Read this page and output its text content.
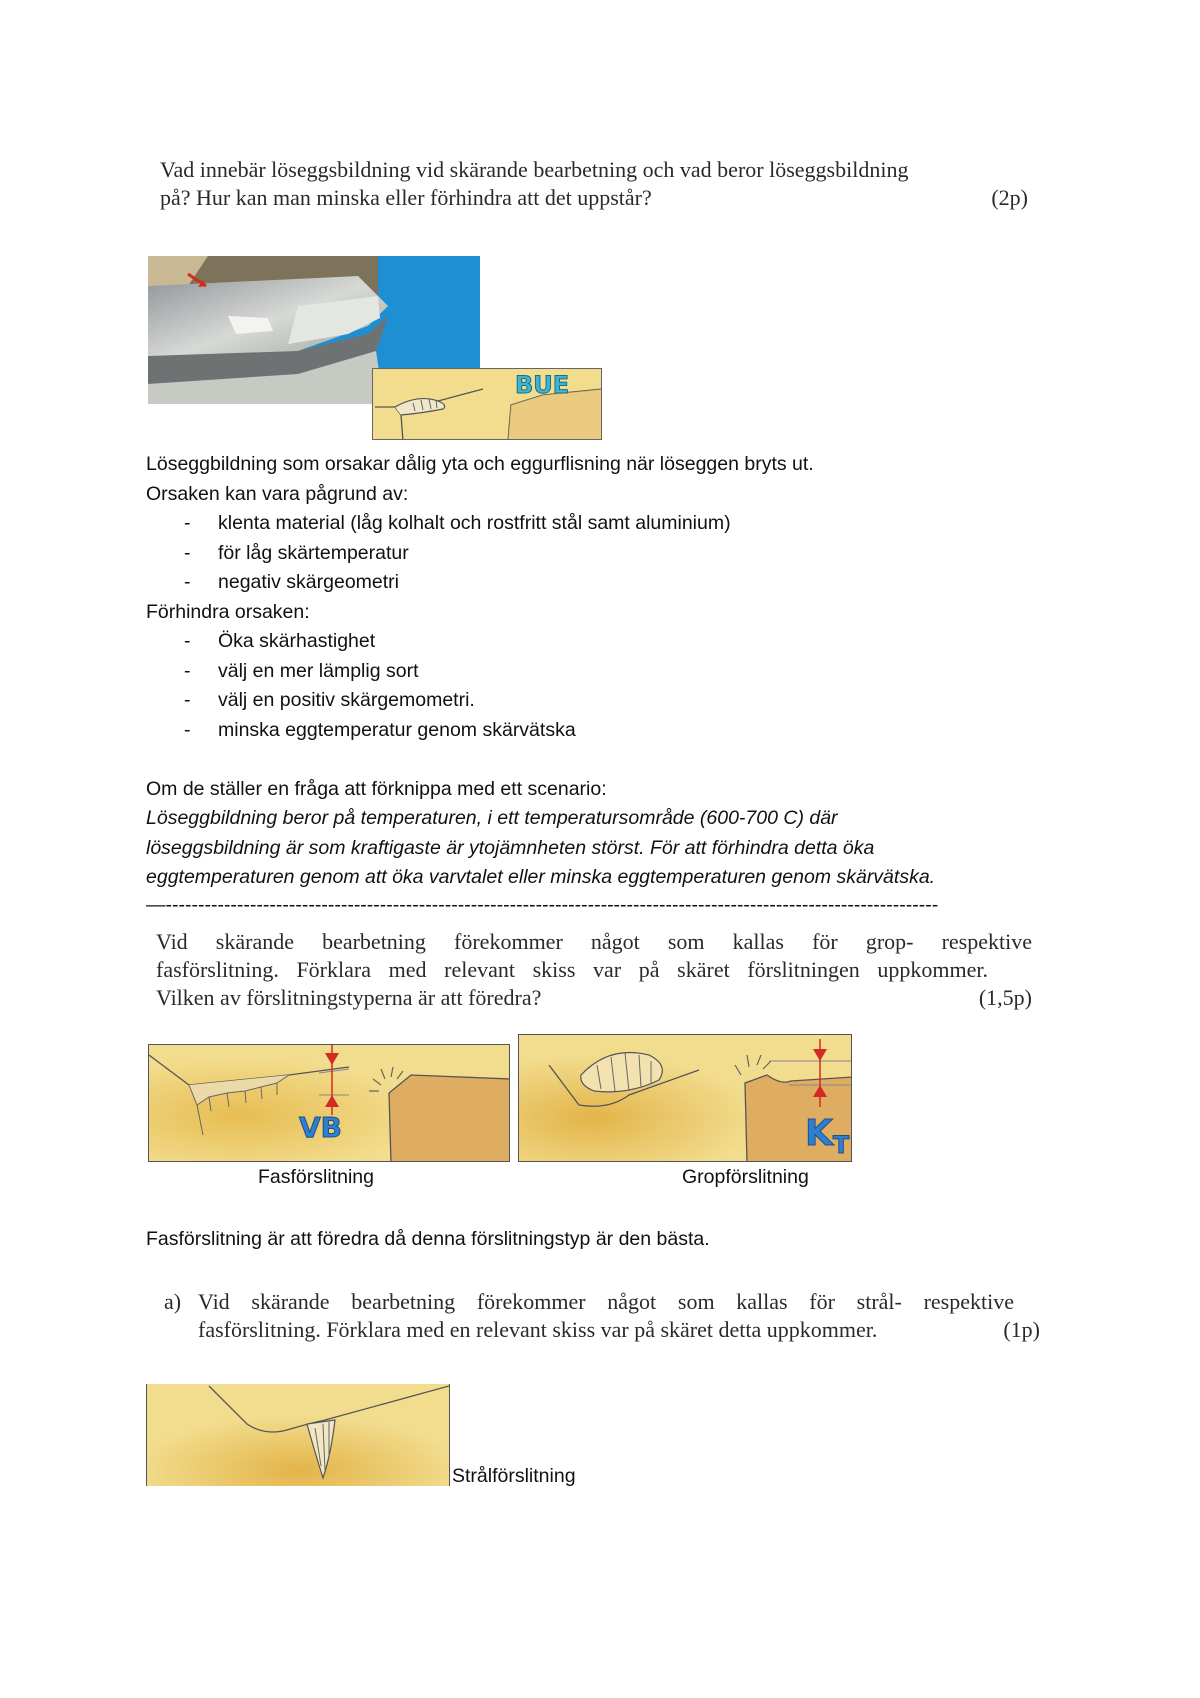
Vad innebär löseggsbildning vid skärande bearbetning och vad beror löseggsbildning
på? Hur kan man minska eller förhindra att det uppstår?	(2p)
BUE
Löseggbildning som orsakar dålig yta och eggurflisning när löseggen bryts ut.
Orsaken kan vara pågrund av:
- klenta material (låg kolhalt och rostfritt stål samt aluminium)
- för låg skärtemperatur
- negativ skärgeometri
Förhindra orsaken:
- Öka skärhastighet
- välj en mer lämplig sort
- välj en positiv skärgemometri.
- minska eggtemperatur genom skärvätska

Om de ställer en fråga att förknippa med ett scenario:
Löseggbildning beror på temperaturen, i ett temperatursområde (600-700 C) där
löseggsbildning är som kraftigaste är ytojämnheten störst. För att förhindra detta öka
eggtemperaturen genom att öka varvtalet eller minska eggtemperaturen genom skärvätska.
—-----------------------------------------------------------------------------------------------------------------------
Vid skärande bearbetning förekommer något som kallas för grop- respektive
fasförslitning. Förklara med relevant skiss var på skäret förslitningen uppkommer.
Vilken av förslitningstyperna är att föredra?	(1,5p)
VB	$K_T$
Fasförslitning	Gropförslitning
Fasförslitning är att föredra då denna förslitningstyp är den bästa.
a) Vid skärande bearbetning förekommer något som kallas för strål- respektive
fasförslitning. Förklara med en relevant skiss var på skäret detta uppkommer.	(1p)
Strålförslitning
